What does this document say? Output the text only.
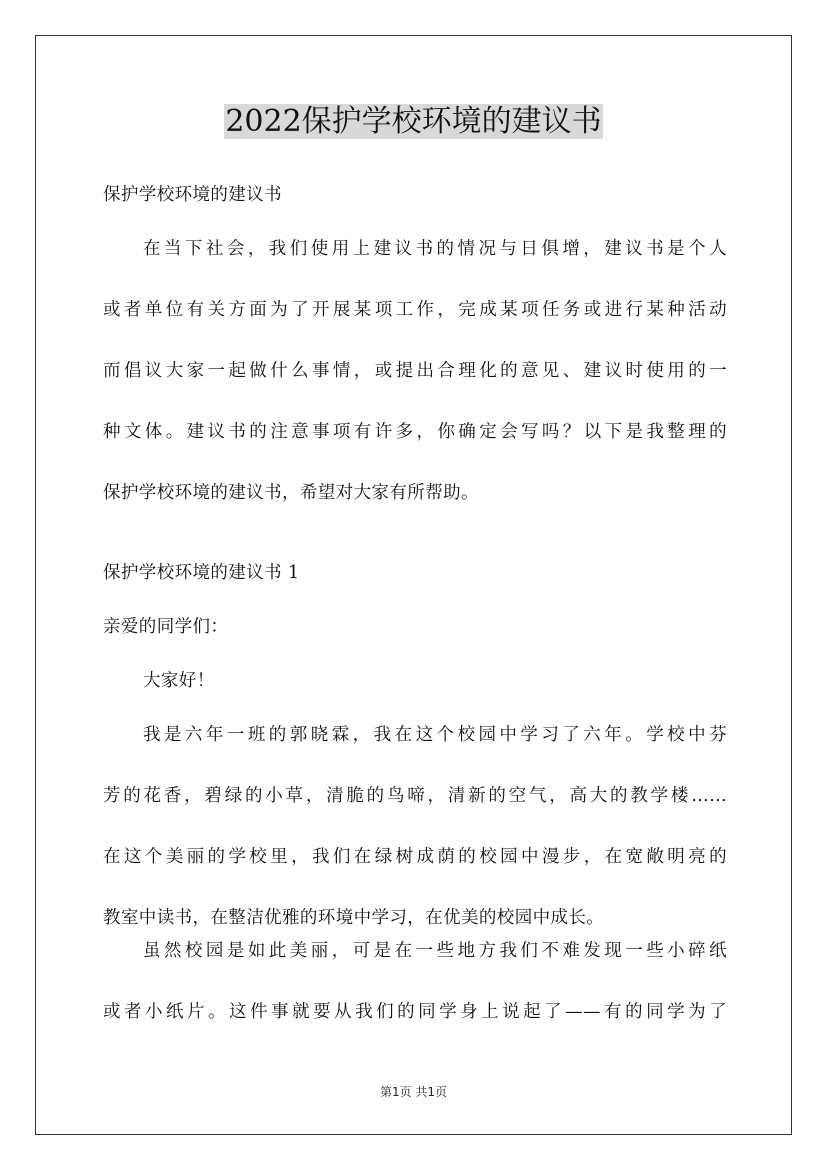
2022保护学校环境的建议书
保护学校环境的建议书
在当下社会，我们使用上建议书的情况与日俱增，建议书是个人
或者单位有关方面为了开展某项工作，完成某项任务或进行某种活动
而倡议大家一起做什么事情，或提出合理化的意见、建议时使用的一
种文体。建议书的注意事项有许多，你确定会写吗？以下是我整理的
保护学校环境的建议书，希望对大家有所帮助。
保护学校环境的建议书 1
亲爱的同学们：
大家好！
我是六年一班的郭晓霖，我在这个校园中学习了六年。学校中芬
芳的花香，碧绿的小草，清脆的鸟啼，清新的空气，高大的教学楼……
在这个美丽的学校里，我们在绿树成荫的校园中漫步，在宽敞明亮的
教室中读书，在整洁优雅的环境中学习，在优美的校园中成长。
虽然校园是如此美丽，可是在一些地方我们不难发现一些小碎纸
或者小纸片。这件事就要从我们的同学身上说起了——有的同学为了
第1页 共1页
